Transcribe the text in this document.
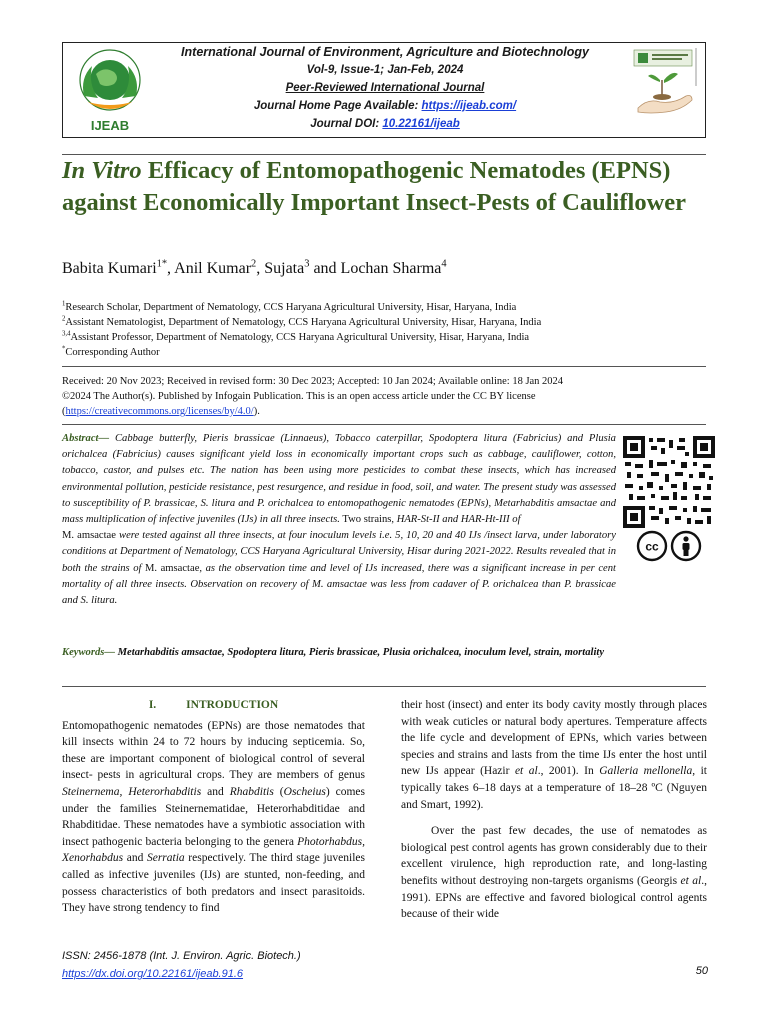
IJEAB
International Journal of Environment, Agriculture and Biotechnology
Vol-9, Issue-1; Jan-Feb, 2024
Peer-Reviewed International Journal
Journal Home Page Available: https://ijeab.com/
Journal DOI: 10.22161/ijeab
In Vitro Efficacy of Entomopathogenic Nematodes (EPNS) against Economically Important Insect-Pests of Cauliflower
Babita Kumari$^{1*}$, Anil Kumar$^2$, Sujata$^3$ and Lochan Sharma$^4$
$^1$Research Scholar, Department of Nematology, CCS Haryana Agricultural University, Hisar, Haryana, India
$^2$Assistant Nematologist, Department of Nematology, CCS Haryana Agricultural University, Hisar, Haryana, India
$^{3,4}$Assistant Professor, Department of Nematology, CCS Haryana Agricultural University, Hisar, Haryana, India
*Corresponding Author
Received: 20 Nov 2023; Received in revised form: 30 Dec 2023; Accepted: 10 Jan 2024; Available online: 18 Jan 2024
©2024 The Author(s). Published by Infogain Publication. This is an open access article under the CC BY license
(https://creativecommons.org/licenses/by/4.0/).
Abstract— Cabbage butterfly, Pieris brassicae (Linnaeus), Tobacco caterpillar, Spodoptera litura (Fabricius) and Plusia orichalcea (Fabricius) causes significant yield loss in economically important crops such as cabbage, cauliflower, cotton, tobacco, castor, and pulses etc. The nation has been using more pesticides to combat these insects, which has increased environmental pollution, pesticide resistance, pest resurgence, and residue in food, soil, and water. The present study was assessed to susceptibility of P. brassicae, S. litura and P. orichalcea to entomopathogenic nematodes (EPNs), Metarhabditis amsactae and mass multiplication of infective juveniles (IJs) in all three insects. Two strains, HAR-St-II and HAR-Ht-III of
M. amsactae were tested against all three insects, at four inoculum levels i.e. 5, 10, 20 and 40 IJs /insect larva, under laboratory conditions at Department of Nematology, CCS Haryana Agricultural University, Hisar during 2021-2022. Results revealed that in both the strains of M. amsactae, as the observation time and level of IJs increased, there was a significant increase in per cent mortality of all three insects. Observation on recovery of M. amsactae was less from cadaver of P. orichalcea than P. brassicae and S. litura.
cc
Keywords— Metarhabditis amsactae, Spodoptera litura, Pieris brassicae, Plusia orichalcea, inoculum level, strain, mortality
I.	INTRODUCTION

Entomopathogenic nematodes (EPNs) are those nematodes that kill insects within 24 to 72 hours by inducing septicemia. So, these are important component of biological control of several insect- pests in agricultural crops. They are members of genus Steinernema, Heterorhabditis and Rhabditis (Oscheius) comes under the families Steinernematidae, Heterorhabditidae and Rhabditidae. These nematodes have a symbiotic association with insect pathogenic bacteria belonging to the genera Photorhabdus, Xenorhabdus and Serratia respectively. The third stage juveniles called as infective juveniles (IJs) are stunted, non-feeding, and possess characteristics of both predators and insect parasitoids. They have strong tendency to find

their host (insect) and enter its body cavity mostly through places with weak cuticles or natural body apertures. Temperature affects the life cycle and development of EPNs, which varies between species and strains and lasts from the time IJs enter the host until new IJs appear (Hazir et al., 2001). In Galleria mellonella, it typically takes 6–18 days at a temperature of 18–28 ºC (Nguyen and Smart, 1992).

Over the past few decades, the use of nematodes as biological pest control agents has grown considerably due to their excellent virulence, high reproduction rate, and long-lasting benefits without destroying non-targets organisms (Georgis et al., 1991). EPNs are effective and favored biological control agents because of their wide

ISSN: 2456-1878 (Int. J. Environ. Agric. Biotech.)
https://dx.doi.org/10.22161/ijeab.91.6	50
